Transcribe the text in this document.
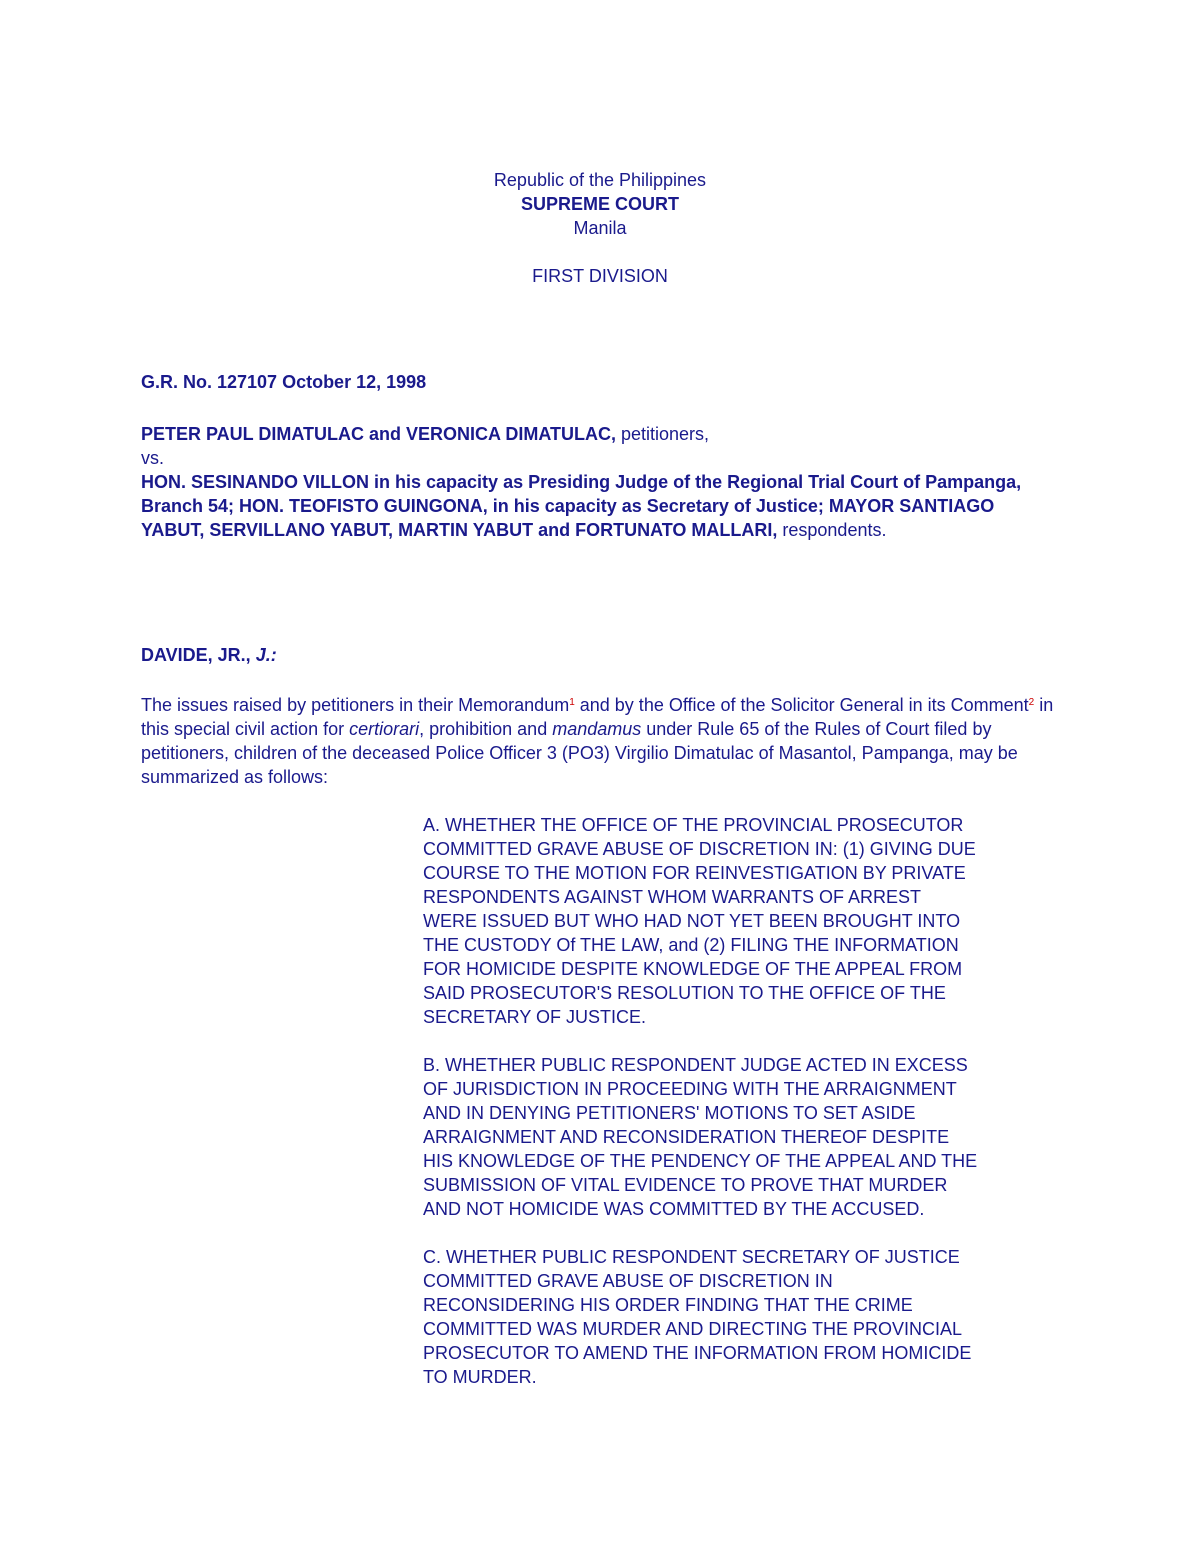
Republic of the Philippines
SUPREME COURT
Manila
FIRST DIVISION
G.R. No. 127107 October 12, 1998
PETER PAUL DIMATULAC and VERONICA DIMATULAC, petitioners,
vs.
HON. SESINANDO VILLON in his capacity as Presiding Judge of the Regional Trial Court of Pampanga, Branch 54; HON. TEOFISTO GUINGONA, in his capacity as Secretary of Justice; MAYOR SANTIAGO YABUT, SERVILLANO YABUT, MARTIN YABUT and FORTUNATO MALLARI, respondents.
DAVIDE, JR., J.:

The issues raised by petitioners in their Memorandum$^1$ and by the Office of the Solicitor General in its Comment$^2$ in this special civil action for certiorari, prohibition and mandamus under Rule 65 of the Rules of Court filed by petitioners, children of the deceased Police Officer 3 (PO3) Virgilio Dimatulac of Masantol, Pampanga, may be summarized as follows:

A. WHETHER THE OFFICE OF THE PROVINCIAL PROSECUTOR
COMMITTED GRAVE ABUSE OF DISCRETION IN: (1) GIVING DUE
COURSE TO THE MOTION FOR REINVESTIGATION BY PRIVATE
RESPONDENTS AGAINST WHOM WARRANTS OF ARREST
WERE ISSUED BUT WHO HAD NOT YET BEEN BROUGHT INTO
THE CUSTODY Of THE LAW, and (2) FILING THE INFORMATION
FOR HOMICIDE DESPITE KNOWLEDGE OF THE APPEAL FROM
SAID PROSECUTOR'S RESOLUTION TO THE OFFICE OF THE
SECRETARY OF JUSTICE.
B. WHETHER PUBLIC RESPONDENT JUDGE ACTED IN EXCESS
OF JURISDICTION IN PROCEEDING WITH THE ARRAIGNMENT
AND IN DENYING PETITIONERS' MOTIONS TO SET ASIDE
ARRAIGNMENT AND RECONSIDERATION THEREOF DESPITE
HIS KNOWLEDGE OF THE PENDENCY OF THE APPEAL AND THE
SUBMISSION OF VITAL EVIDENCE TO PROVE THAT MURDER
AND NOT HOMICIDE WAS COMMITTED BY THE ACCUSED.
C. WHETHER PUBLIC RESPONDENT SECRETARY OF JUSTICE
COMMITTED GRAVE ABUSE OF DISCRETION IN
RECONSIDERING HIS ORDER FINDING THAT THE CRIME
COMMITTED WAS MURDER AND DIRECTING THE PROVINCIAL
PROSECUTOR TO AMEND THE INFORMATION FROM HOMICIDE
TO MURDER.
